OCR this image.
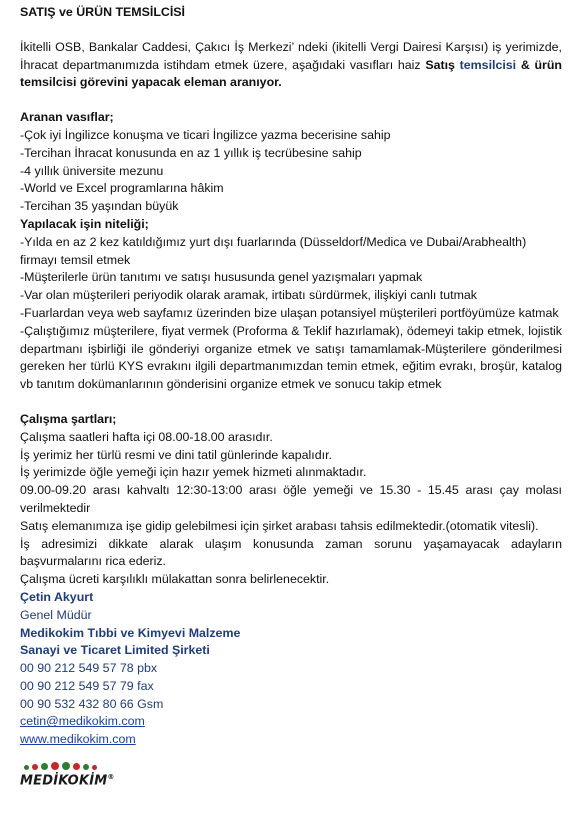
SATIŞ ve ÜRÜN TEMSİLCİSİ

İkitelli OSB, Bankalar Caddesi, Çakıcı İş Merkezi’ ndeki (ikitelli Vergi Dairesi Karşısı) iş yerimizde, İhracat departmanımızda istihdam etmek üzere, aşağıdaki vasıfları haiz Satış temsilcisi & ürün temsilcisi görevini yapacak eleman aranıyor.

Aranan vasıflar;

-Çok iyi İngilizce konuşma ve ticari İngilizce yazma becerisine sahip

-Tercihan İhracat konusunda en az 1 yıllık iş tecrübesine sahip

-4 yıllık üniversite mezunu

-World ve Excel programlarına hâkim

-Tercihan 35 yaşından büyük

Yapılacak işin niteliği;

-Yılda en az 2 kez katıldığımız yurt dışı fuarlarında (Düsseldorf/Medica ve Dubai/Arabhealth) firmayı temsil etmek

-Müşterilerle ürün tanıtımı ve satışı hususunda genel yazışmaları yapmak

-Var olan müşterileri periyodik olarak aramak, irtibatı sürdürmek, ilişkiyi canlı tutmak

-Fuarlardan veya web sayfamız üzerinden bize ulaşan potansiyel müşterileri portföyümüze katmak

-Çalıştığımız müşterilere, fiyat vermek (Proforma & Teklif hazırlamak), ödemeyi takip etmek, lojistik departmanı işbirliği ile gönderiyi organize etmek ve satışı tamamlamak-Müşterilere gönderilmesi gereken her türlü KYS evrakını ilgili departmanımızdan temin etmek, eğitim evrakı, broşür, katalog vb tanıtım dokümanlarının gönderisini organize etmek ve sonucu takip etmek

Çalışma şartları;

Çalışma saatleri hafta içi 08.00-18.00 arasıdır.

İş yerimiz her türlü resmi ve dini tatil günlerinde kapalıdır.

İş yerimizde öğle yemeği için hazır yemek hizmeti alınmaktadır.

09.00-09.20 arası kahvaltı 12:30-13:00 arası öğle yemeği ve 15.30 - 15.45 arası çay molası verilmektedir

Satış elemanımıza işe gidip gelebilmesi için şirket arabası tahsis edilmektedir.(otomatik vitesli).

İş adresimizi dikkate alarak ulaşım konusunda zaman sorunu yaşamayacak adayların başvurmalarını rica ederiz.

Çalışma ücreti karşılıklı mülakattan sonra belirlenecektir.

Çetin Akyurt
Genel Müdür
Medikokim Tıbbi ve Kimyevi Malzeme
Sanayi ve Ticaret Limited Şirketi
00 90 212 549 57 78 pbx
00 90 212 549 57 79 fax
00 90 532 432 80 66 Gsm
cetin@medikokim.com
www.medikokim.com
MEDİKOKİM®
